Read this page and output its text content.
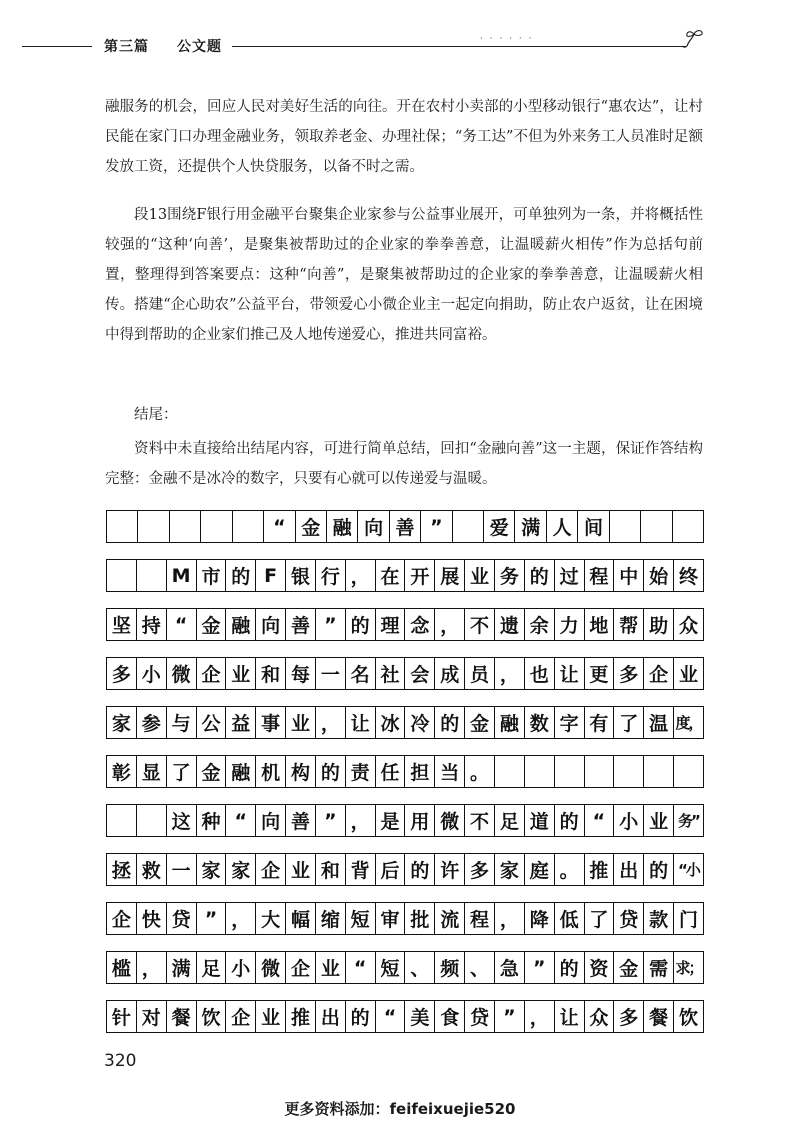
第三篇 公文题	· · · · · ·

融服务的机会，回应人民对美好生活的向往。开在农村小卖部的小型移动银行“惠农达”，让村民能在家门口办理金融业务，领取养老金、办理社保；“务工达”不但为外来务工人员准时足额发放工资，还提供个人快贷服务，以备不时之需。

段13围绕F银行用金融平台聚集企业家参与公益事业展开，可单独列为一条，并将概括性较强的“这种‘向善’，是聚集被帮助过的企业家的拳拳善意，让温暖薪火相传”作为总括句前置，整理得到答案要点：这种“向善”，是聚集被帮助过的企业家的拳拳善意，让温暖薪火相传。搭建“企心助农”公益平台，带领爱心小微企业主一起定向捐助，防止农户返贫，让在困境中得到帮助的企业家们推己及人地传递爱心，推进共同富裕。

结尾：

资料中未直接给出结尾内容，可进行简单总结，回扣“金融向善”这一主题，保证作答结构完整：金融不是冰冷的数字，只要有心就可以传递爱与温暖。

“ 金 融 向 善 ”	爱 满 人 间
M 市 的 F 银 行 ， 在 开 展 业 务 的 过 程 中 始 终
坚 持 “ 金 融 向 善 ” 的 理 念 ， 不 遗 余 力 地 帮 助 众
多 小 微 企 业 和 每 一 名 社 会 成 员 ， 也 让 更 多 企 业
家 参 与 公 益 事 业 ， 让 冰 冷 的 金 融 数 字 有 了 温 度，
彰 显 了 金 融 机 构 的 责 任 担 当 。
这 种 “ 向 善 ” ， 是 用 微 不 足 道 的 “ 小 业 务”
拯 救 一 家 家 企 业 和 背 后 的 许 多 家 庭 。 推 出 的 “小
企 快 贷 ” ， 大 幅 缩 短 审 批 流 程 ， 降 低 了 贷 款 门
槛 ， 满 足 小 微 企 业 “ 短 、 频 、 急 ” 的 资 金 需 求；
针 对 餐 饮 企 业 推 出 的 “ 美 食 贷 ” ， 让 众 多 餐 饮
320
更多资料添加：feifeixuejie520
